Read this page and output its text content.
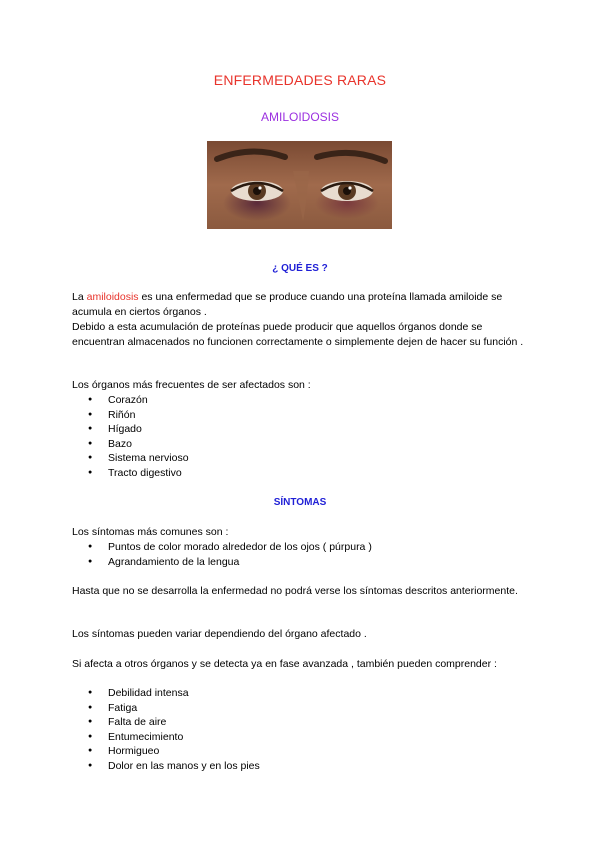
ENFERMEDADES RARAS
AMILOIDOSIS
¿ QUÉ ES ?
La amiloidosis es una enfermedad que se produce cuando una proteína llamada amiloide se acumula en ciertos órganos .
Debido a esta acumulación de proteínas puede producir que aquellos órganos donde se encuentran almacenados no funcionen correctamente o simplemente dejen de hacer su función .
Los órganos más frecuentes de ser afectados son :
● Corazón
● Riñón
● Hígado
● Bazo
● Sistema nervioso
● Tracto digestivo
SÍNTOMAS
Los síntomas más comunes son :
● Puntos de color morado alrededor de los ojos ( púrpura )
● Agrandamiento de la lengua
Hasta que no se desarrolla la enfermedad no podrá verse los síntomas descritos anteriormente.
Los síntomas pueden variar dependiendo del órgano afectado .
Si afecta a otros órganos y se detecta ya en fase avanzada , también pueden comprender :
● Debilidad intensa
● Fatiga
● Falta de aire
● Entumecimiento
● Hormigueo
● Dolor en las manos y en los pies
